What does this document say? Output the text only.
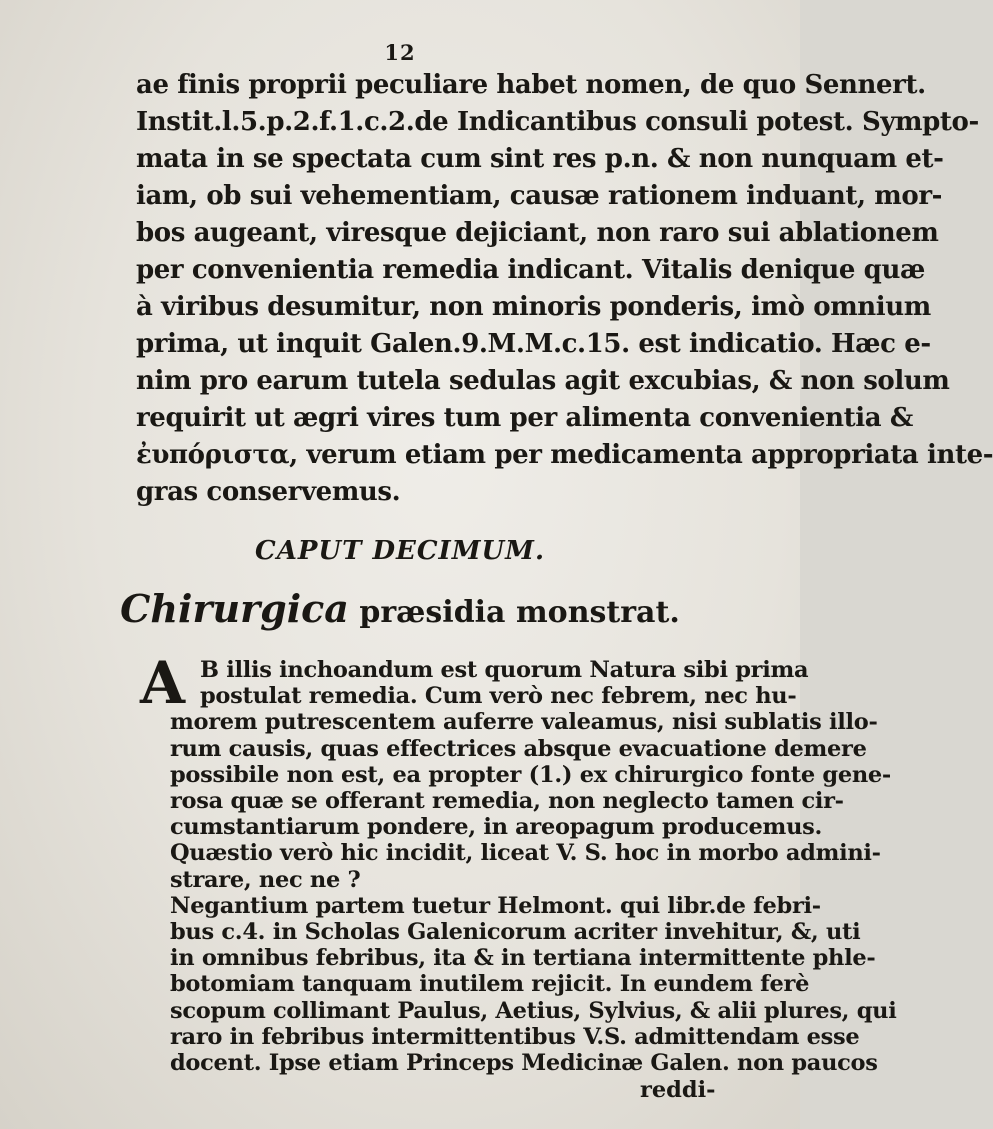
12
ae finis proprii peculiare habet nomen, de quo Sennert.
Instit.l.5.p.2.f.1.c.2.de Indicantibus consuli potest. Sympto-
mata in se spectata cum sint res p.n. & non nunquam et-
iam, ob sui vehementiam, causæ rationem induant, mor-
bos augeant, viresque dejiciant, non raro sui ablationem
per convenientia remedia indicant. Vitalis denique quæ
à viribus desumitur, non minoris ponderis, imò omnium
prima, ut inquit Galen.9.M.M.c.15. est indicatio. Hæc e-
nim pro earum tutela sedulas agit excubias, & non solum
requirit ut ægri vires tum per alimenta convenientia &
ἐυπόριστα, verum etiam per medicamenta appropriata inte-
gras conservemus.
CAPUT DECIMUM.
Chirurgica præsidia monstrat.
A B illis inchoandum est quorum Natura sibi prima
postulat remedia. Cum verò nec febrem, nec hu-
morem putrescentem auferre valeamus, nisi sublatis illo-
rum causis, quas effectrices absque evacuatione demere
possibile non est, ea propter (1.) ex chirurgico fonte gene-
rosa quæ se offerant remedia, non neglecto tamen cir-
cumstantiarum pondere, in areopagum producemus.
Quæstio verò hic incidit, liceat V. S. hoc in morbo admini-
strare, nec ne ?
Negantium partem tuetur Helmont. qui libr.de febri-
bus c.4. in Scholas Galenicorum acriter invehitur, &, uti
in omnibus febribus, ita & in tertiana intermittente phle-
botomiam tanquam inutilem rejicit. In eundem ferè
scopum collimant Paulus, Aetius, Sylvius, & alii plures, qui
raro in febribus intermittentibus V.S. admittendam esse
docent. Ipse etiam Princeps Medicinæ Galen. non paucos
reddi-
